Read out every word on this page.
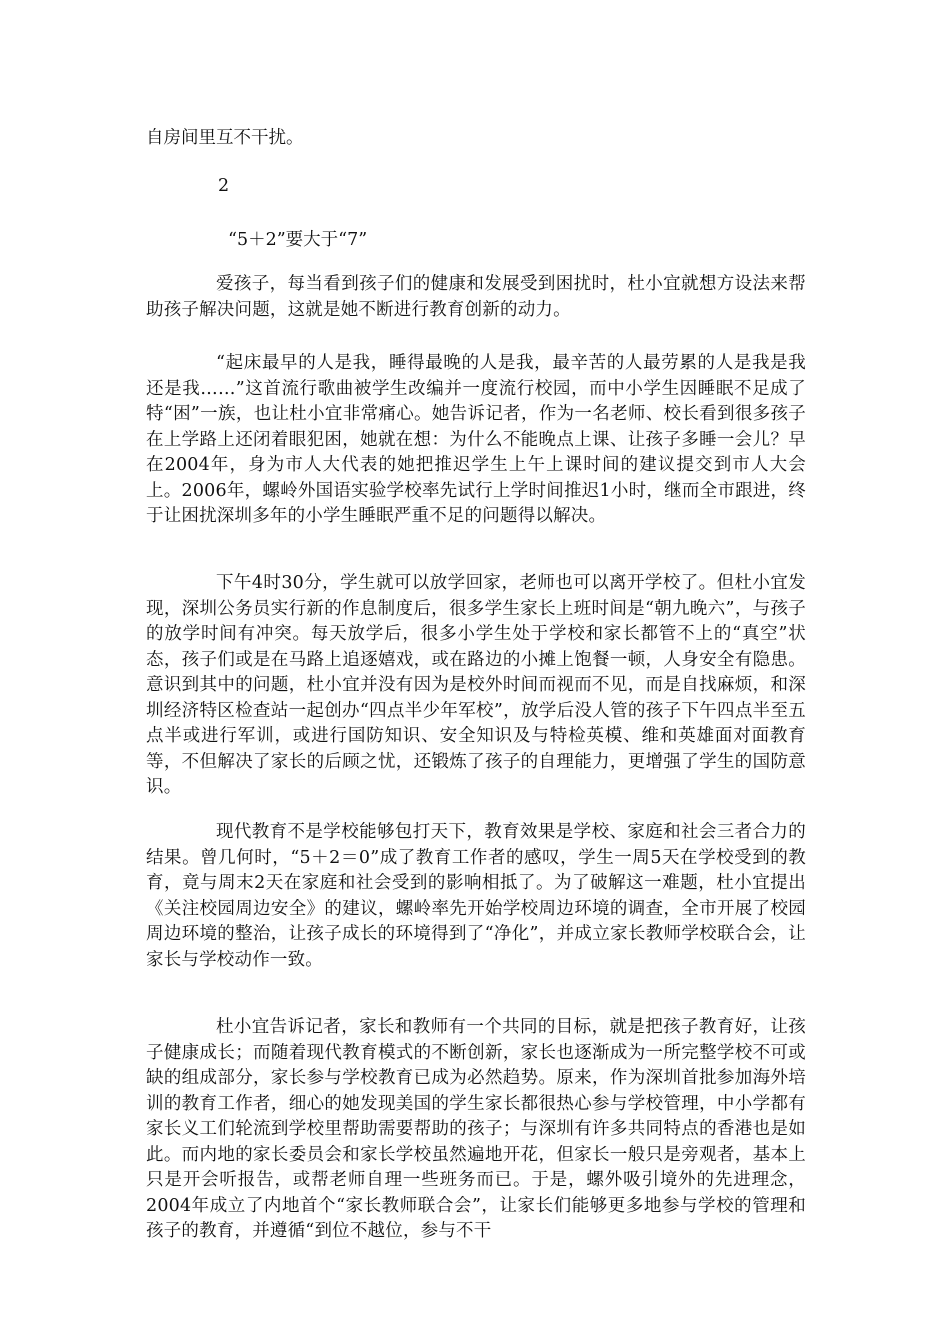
自房间里互不干扰。
2
“5＋2”要大于“7”
爱孩子，每当看到孩子们的健康和发展受到困扰时，杜小宜就想方设法来帮助孩子解决问题，这就是她不断进行教育创新的动力。
“起床最早的人是我，睡得最晚的人是我，最辛苦的人最劳累的人是我是我还是我……”这首流行歌曲被学生改编并一度流行校园，而中小学生因睡眠不足成了特“困”一族，也让杜小宜非常痛心。她告诉记者，作为一名老师、校长看到很多孩子在上学路上还闭着眼犯困，她就在想：为什么不能晚点上课、让孩子多睡一会儿？早在2004年，身为市人大代表的她把推迟学生上午上课时间的建议提交到市人大会上。2006年，螺岭外国语实验学校率先试行上学时间推迟1小时，继而全市跟进，终于让困扰深圳多年的小学生睡眠严重不足的问题得以解决。
下午4时30分，学生就可以放学回家，老师也可以离开学校了。但杜小宜发现，深圳公务员实行新的作息制度后，很多学生家长上班时间是“朝九晚六”，与孩子的放学时间有冲突。每天放学后，很多小学生处于学校和家长都管不上的“真空”状态，孩子们或是在马路上追逐嬉戏，或在路边的小摊上饱餐一顿，人身安全有隐患。意识到其中的问题，杜小宜并没有因为是校外时间而视而不见，而是自找麻烦，和深圳经济特区检查站一起创办“四点半少年军校”，放学后没人管的孩子下午四点半至五点半或进行军训，或进行国防知识、安全知识及与特检英模、维和英雄面对面教育等，不但解决了家长的后顾之忧，还锻炼了孩子的自理能力，更增强了学生的国防意识。
现代教育不是学校能够包打天下，教育效果是学校、家庭和社会三者合力的结果。曾几何时，“5＋2＝0”成了教育工作者的感叹，学生一周5天在学校受到的教育，竟与周末2天在家庭和社会受到的影响相抵了。为了破解这一难题，杜小宜提出《关注校园周边安全》的建议，螺岭率先开始学校周边环境的调查，全市开展了校园周边环境的整治，让孩子成长的环境得到了“净化”，并成立家长教师学校联合会，让家长与学校动作一致。
杜小宜告诉记者，家长和教师有一个共同的目标，就是把孩子教育好，让孩子健康成长；而随着现代教育模式的不断创新，家长也逐渐成为一所完整学校不可或缺的组成部分，家长参与学校教育已成为必然趋势。原来，作为深圳首批参加海外培训的教育工作者，细心的她发现美国的学生家长都很热心参与学校管理，中小学都有家长义工们轮流到学校里帮助需要帮助的孩子；与深圳有许多共同特点的香港也是如此。而内地的家长委员会和家长学校虽然遍地开花，但家长一般只是旁观者，基本上只是开会听报告，或帮老师自理一些班务而已。于是，螺外吸引境外的先进理念，2004年成立了内地首个“家长教师联合会”，让家长们能够更多地参与学校的管理和孩子的教育，并遵循“到位不越位，参与不干
